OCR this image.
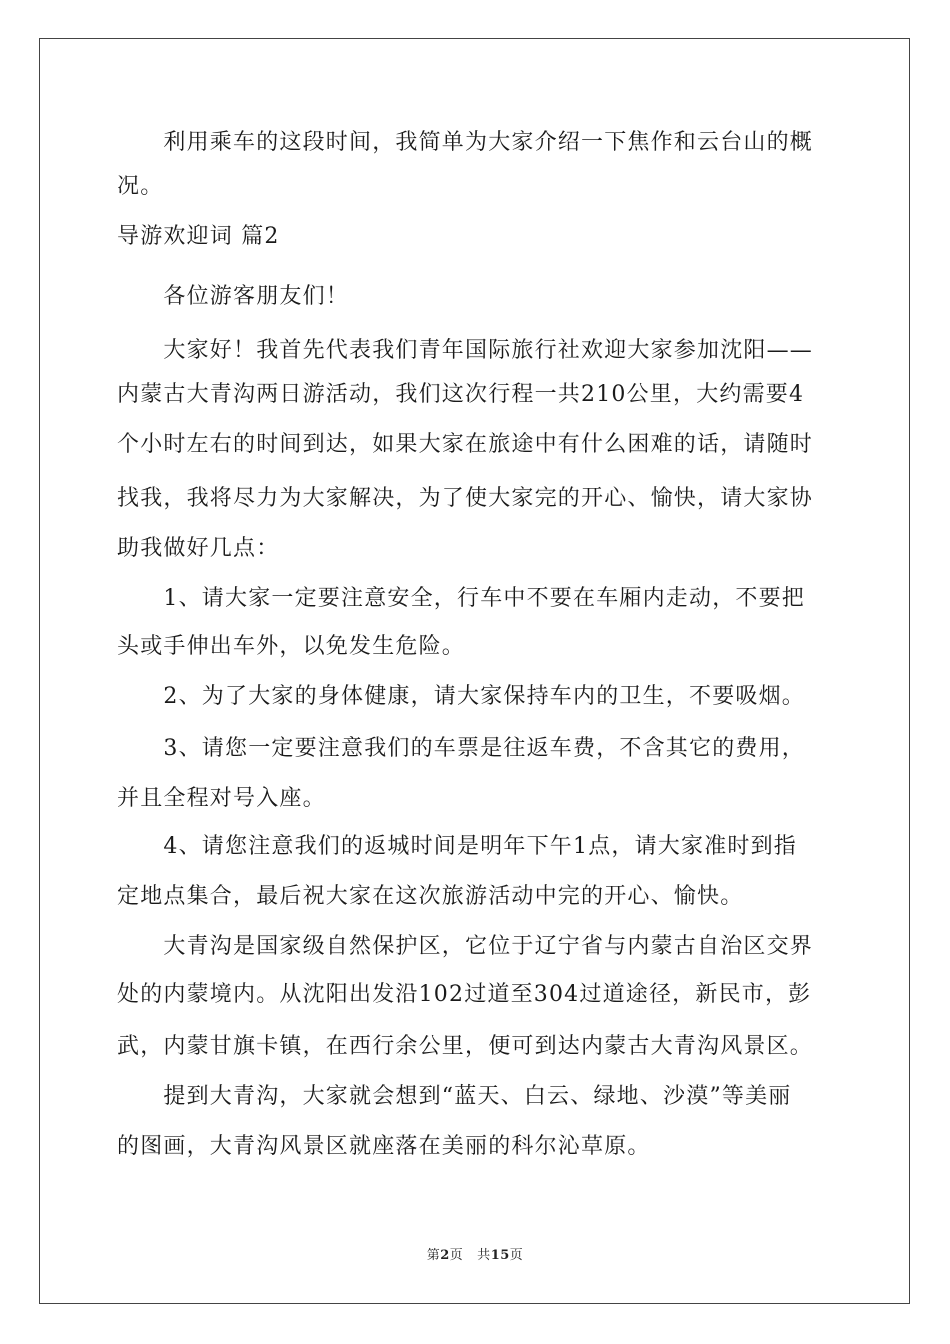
　　利用乘车的这段时间，我简单为大家介绍一下焦作和云台山的概
况。
导游欢迎词 篇2
　　各位游客朋友们！
　　大家好！我首先代表我们青年国际旅行社欢迎大家参加沈阳——
内蒙古大青沟两日游活动，我们这次行程一共210公里，大约需要4
个小时左右的时间到达，如果大家在旅途中有什么困难的话，请随时
找我，我将尽力为大家解决，为了使大家完的开心、愉快，请大家协
助我做好几点：
　　1、请大家一定要注意安全，行车中不要在车厢内走动，不要把
头或手伸出车外，以免发生危险。
　　2、为了大家的身体健康，请大家保持车内的卫生，不要吸烟。
　　3、请您一定要注意我们的车票是往返车费，不含其它的费用，
并且全程对号入座。
　　4、请您注意我们的返城时间是明年下午1点，请大家准时到指
定地点集合，最后祝大家在这次旅游活动中完的开心、愉快。
　　大青沟是国家级自然保护区，它位于辽宁省与内蒙古自治区交界
处的内蒙境内。从沈阳出发沿102过道至304过道途径，新民市，彭
武，内蒙甘旗卡镇，在西行余公里，便可到达内蒙古大青沟风景区。
　　提到大青沟，大家就会想到“蓝天、白云、绿地、沙漠”等美丽
的图画，大青沟风景区就座落在美丽的科尔沁草原。
第2页 共15页
